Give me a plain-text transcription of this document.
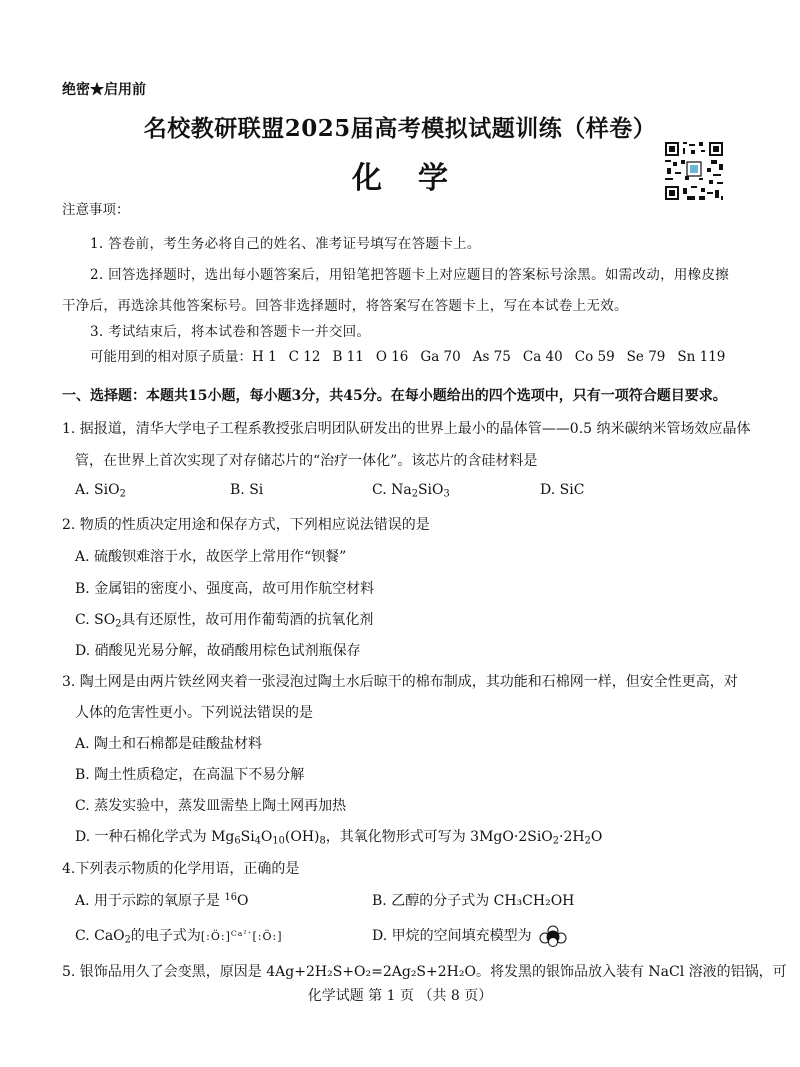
绝密★启用前
名校教研联盟2025届高考模拟试题训练（样卷）
化学
注意事项：
1. 答卷前，考生务必将自己的姓名、准考证号填写在答题卡上。
2. 回答选择题时，选出每小题答案后，用铅笔把答题卡上对应题目的答案标号涂黑。如需改动，用橡皮擦
干净后，再选涂其他答案标号。回答非选择题时，将答案写在答题卡上，写在本试卷上无效。
3. 考试结束后，将本试卷和答题卡一并交回。
可能用到的相对原子质量：H 1 C 12 B 11 O 16 Ga 70 As 75 Ca 40 Co 59 Se 79 Sn 119
一、选择题：本题共15小题，每小题3分，共45分。在每小题给出的四个选项中，只有一项符合题目要求。
1. 据报道，清华大学电子工程系教授张启明团队研发出的世界上最小的晶体管——0.5 纳米碳纳米管场效应晶体
管，在世界上首次实现了对存储芯片的“治疗一体化”。该芯片的含硅材料是
A. SiO$_2$	B. Si	C. $Na_2SiO_3$	D. SiC
2. 物质的性质决定用途和保存方式，下列相应说法错误的是
A. 硫酸钡难溶于水，故医学上常用作“钡餐”
B. 金属铝的密度小、强度高，故可用作航空材料
C. $SO_2$具有还原性，故可用作葡萄酒的抗氧化剂
D. 硝酸见光易分解，故硝酸用棕色试剂瓶保存
3. 陶土网是由两片铁丝网夹着一张浸泡过陶土水后晾干的棉布制成，其功能和石棉网一样，但安全性更高，对
人体的危害性更小。下列说法错误的是
A. 陶土和石棉都是硅酸盐材料
B. 陶土性质稳定，在高温下不易分解
C. 蒸发实验中，蒸发皿需垫上陶土网再加热
D. 一种石棉化学式为 $Mg_6Si_4O_{10}(OH)_8$，其氧化物形式可写为 $3MgO\cdot 2SiO_2\cdot 2H_2O$
4.下列表示物质的化学用语，正确的是
A. 用于示踪的氧原子是 $^{16}$O	B. 乙醇的分子式为 CH₃CH₂OH
C. CaO$_2$的电子式为[:Ö:]$^{Ca^{2+}}$[:Ö:]	D. 甲烷的空间填充模型为
5. 银饰品用久了会变黑，原因是 4Ag+2H₂S+O₂=2Ag₂S+2H₂O。将发黑的银饰品放入装有 NaCl 溶液的铝锅，可
化学试题 第 1 页 （共 8 页）
